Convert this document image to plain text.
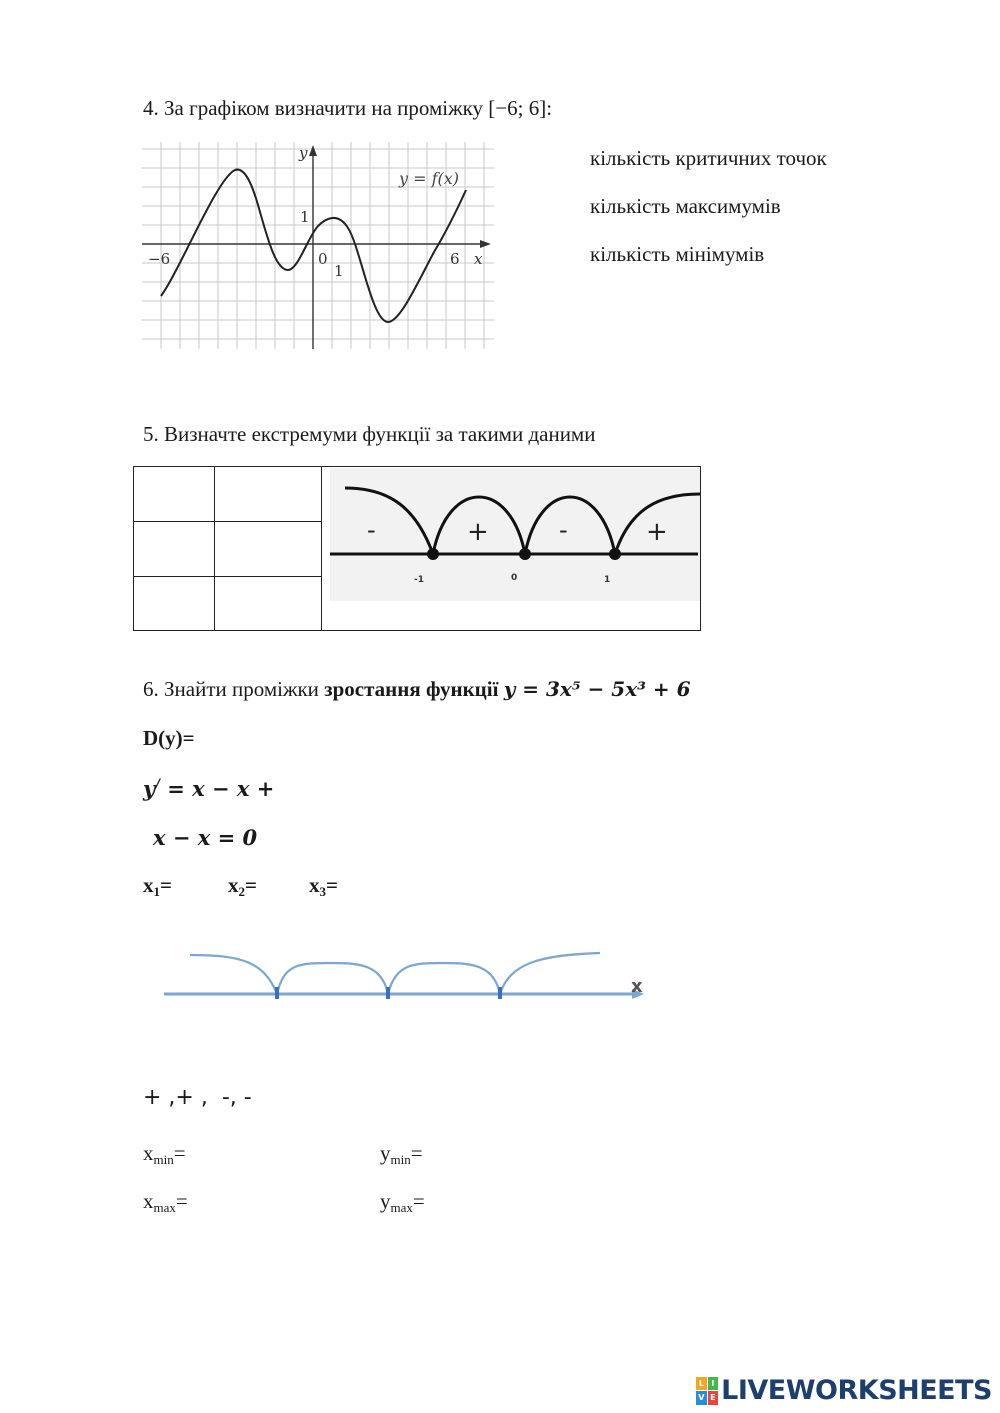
4. За графіком визначити на проміжку [−6; 6]:
y
x
y = f(x)
−6	0
1
1
6
кількість критичних точок
кількість максимумів
кількість мінімумів
5. Визначте екстремуми функції за такими даними

-	+	-	+
-1	0	1
6. Знайти проміжки зростання функції y = 3x⁵ − 5x³ + 6
D(y)=
y/ = x − x +
x − x = 0
$x_1=$	$x_2= x_3=$
x
+ ,+ ,  -, -
$x_{min}=$	$y_{min}=$
$x_{max}=$	$y_{max}=$
L I
V E LIVEWORKSHEETS
